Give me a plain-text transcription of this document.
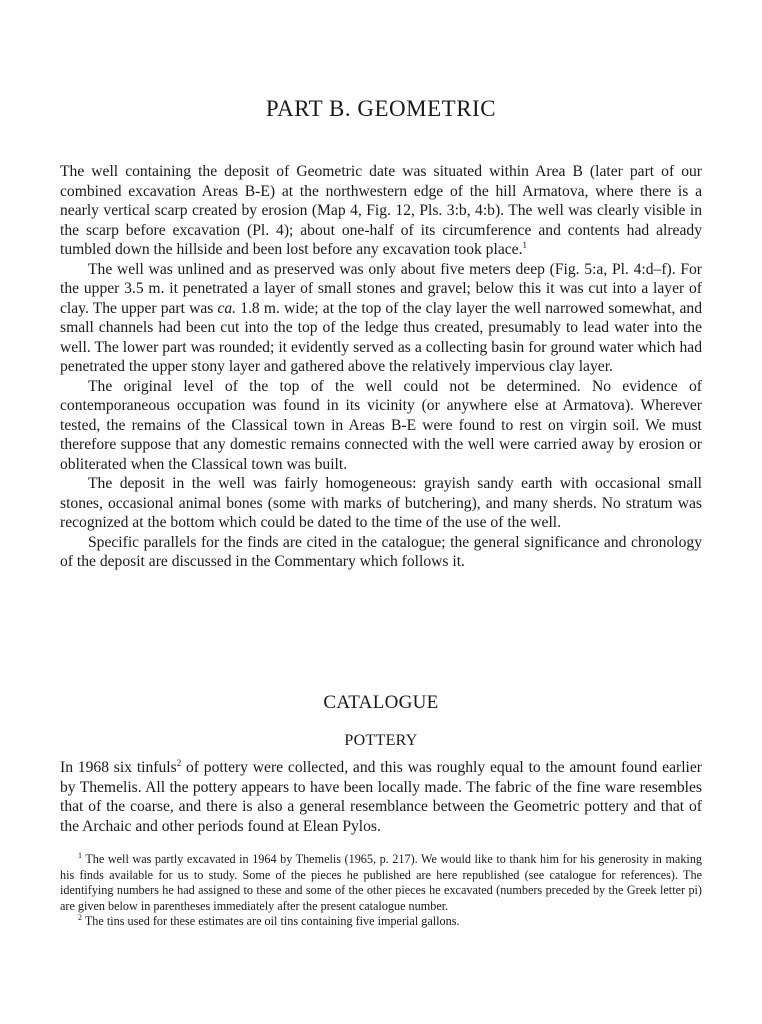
PART B. GEOMETRIC

The well containing the deposit of Geometric date was situated within Area B (later part of our combined excavation Areas B-E) at the northwestern edge of the hill Armatova, where there is a nearly vertical scarp created by erosion (Map 4, Fig. 12, Pls. 3:b, 4:b). The well was clearly visible in the scarp before excavation (Pl. 4); about one-half of its circumference and contents had already tumbled down the hillside and been lost before any excavation took place.$^1$

The well was unlined and as preserved was only about five meters deep (Fig. 5:a, Pl. 4:d–f). For the upper 3.5 m. it penetrated a layer of small stones and gravel; below this it was cut into a layer of clay. The upper part was ca. 1.8 m. wide; at the top of the clay layer the well narrowed somewhat, and small channels had been cut into the top of the ledge thus created, presumably to lead water into the well. The lower part was rounded; it evidently served as a collecting basin for ground water which had penetrated the upper stony layer and gathered above the relatively impervious clay layer.

The original level of the top of the well could not be determined. No evidence of contemporaneous occupation was found in its vicinity (or anywhere else at Armatova). Wherever tested, the remains of the Classical town in Areas B-E were found to rest on virgin soil. We must therefore suppose that any domestic remains connected with the well were carried away by erosion or obliterated when the Classical town was built.

The deposit in the well was fairly homogeneous: grayish sandy earth with occasional small stones, occasional animal bones (some with marks of butchering), and many sherds. No stratum was recognized at the bottom which could be dated to the time of the use of the well.

Specific parallels for the finds are cited in the catalogue; the general significance and chronology of the deposit are discussed in the Commentary which follows it.

CATALOGUE
POTTERY

In 1968 six tinfuls$^2$ of pottery were collected, and this was roughly equal to the amount found earlier by Themelis. All the pottery appears to have been locally made. The fabric of the fine ware resembles that of the coarse, and there is also a general resemblance between the Geometric pottery and that of the Archaic and other periods found at Elean Pylos.

$^1$ The well was partly excavated in 1964 by Themelis (1965, p. 217). We would like to thank him for his generosity in making his finds available for us to study. Some of the pieces he published are here republished (see catalogue for references). The identifying numbers he had assigned to these and some of the other pieces he excavated (numbers preceded by the Greek letter pi) are given below in parentheses immediately after the present catalogue number.

$^2$ The tins used for these estimates are oil tins containing five imperial gallons.
